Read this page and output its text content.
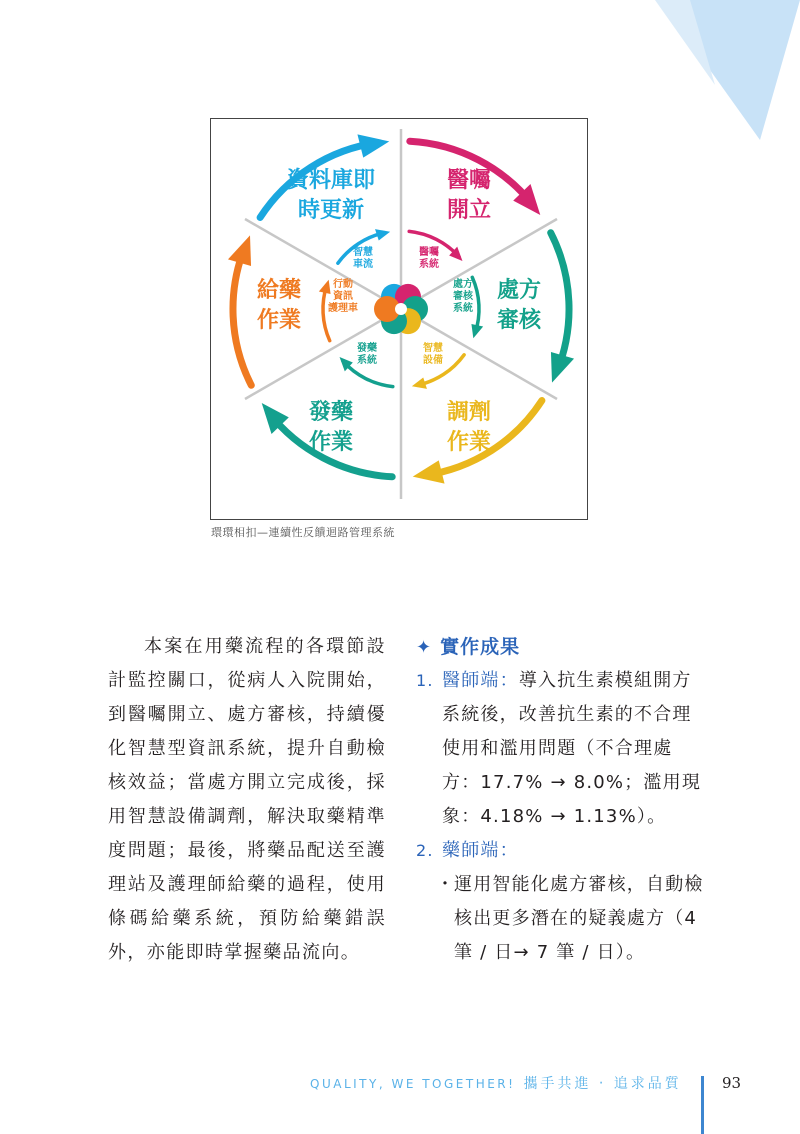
資料庫即
時更新
醫囑
開立
處方
審核
調劑
作業
發藥
作業
給藥
作業
智慧
車流
醫囑
系統
處方
審核
系統
智慧
設備
發藥
系統
行動
資訊
護理車
環環相扣—連續性反饋迴路管理系統
本案在用藥流程的各環節設計監控關口，從病人入院開始，到醫囑開立、處方審核，持續優化智慧型資訊系統，提升自動檢核效益；當處方開立完成後，採用智慧設備調劑，解決取藥精準度問題；最後，將藥品配送至護理站及護理師給藥的過程，使用條碼給藥系統，預防給藥錯誤外，亦能即時掌握藥品流向。
✦ 實作成果
1. 醫師端：導入抗生素模組開方系統後，改善抗生素的不合理使用和濫用問題（不合理處方：17.7% → 8.0%；濫用現象：4.18% → 1.13%）。
2. 藥師端：
・
運用智能化處方審核，自動檢核出更多潛在的疑義處方（4 筆 / 日→ 7 筆 / 日）。
QUALITY, WE TOGETHER! 攜手共進 ‧ 追求品質	93
